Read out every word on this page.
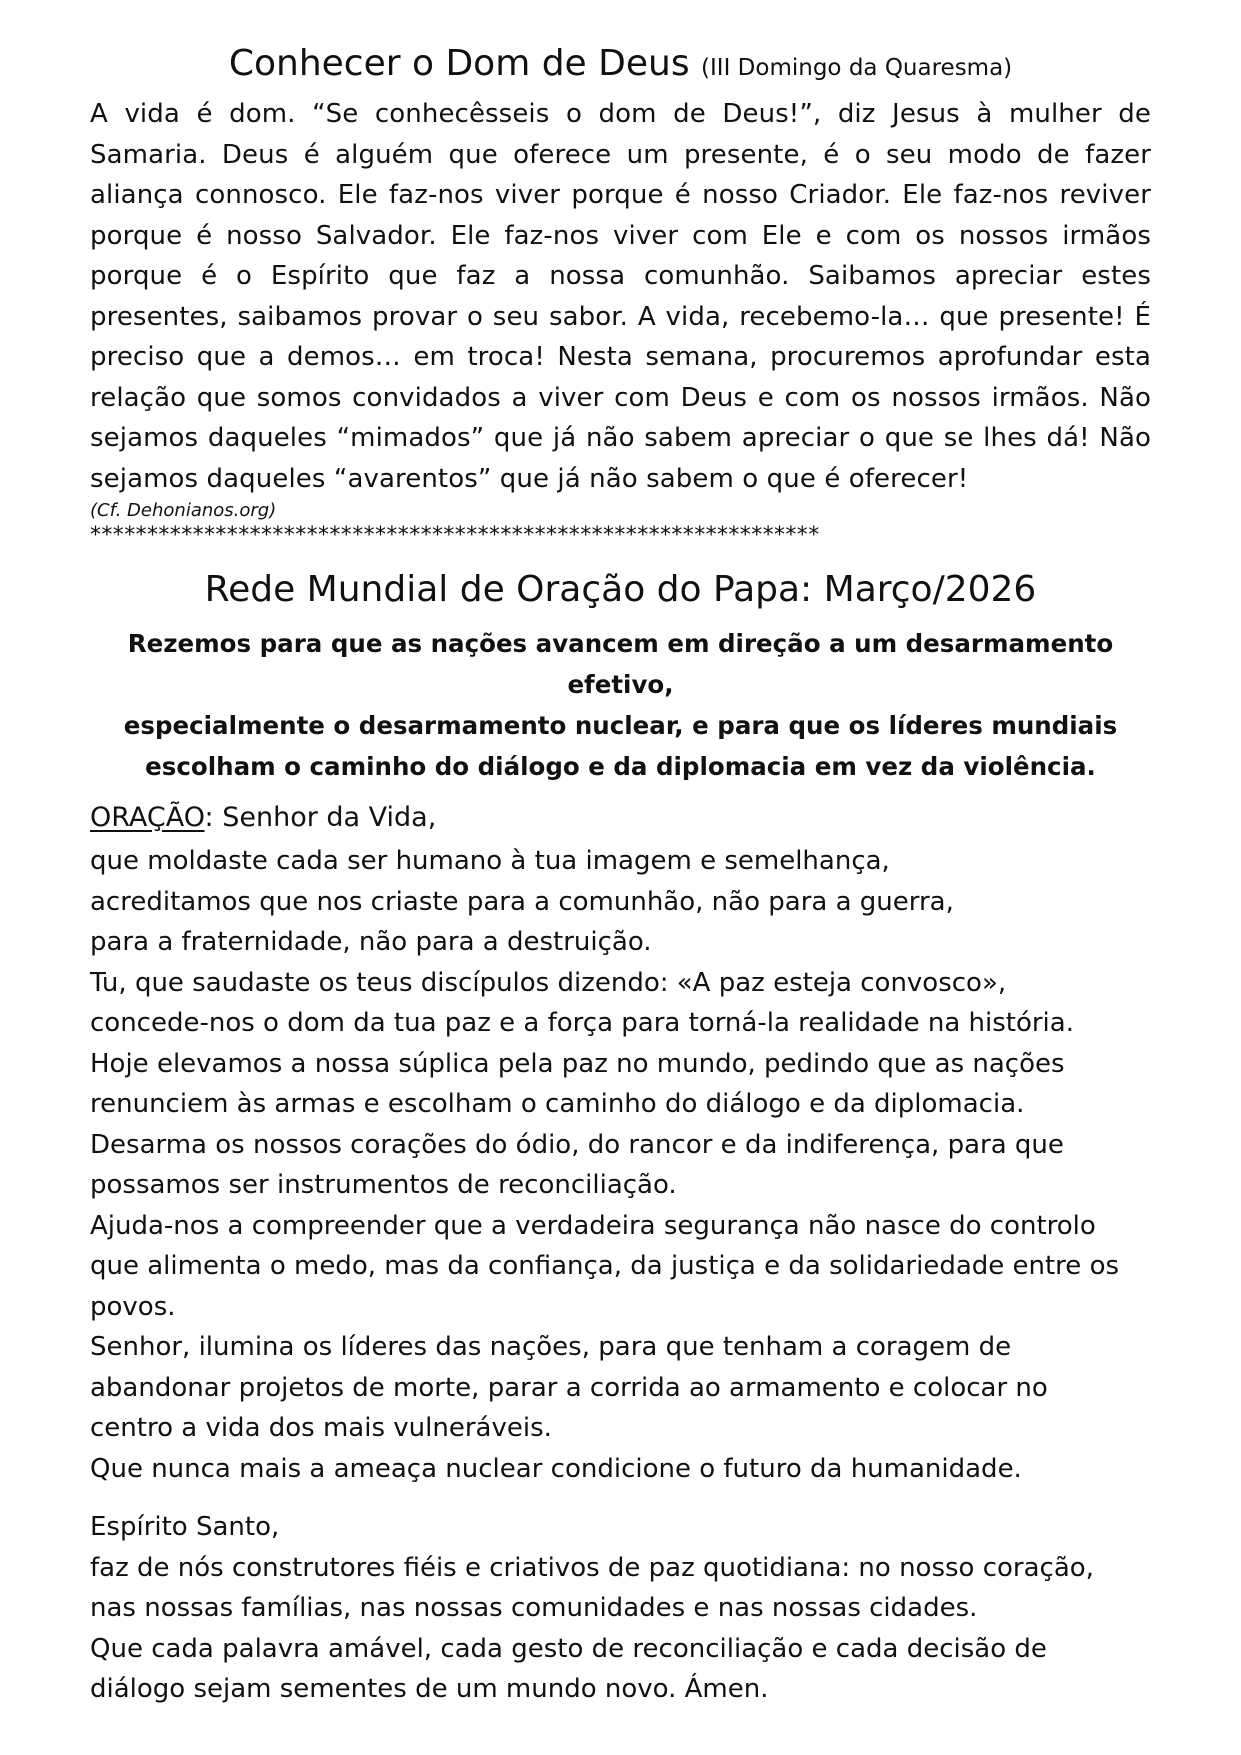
Conhecer o Dom de Deus (III Domingo da Quaresma)

A vida é dom. “Se conhecêsseis o dom de Deus!”, diz Jesus à mulher de Samaria. Deus é alguém que oferece um presente, é o seu modo de fazer aliança connosco. Ele faz-nos viver porque é nosso Criador. Ele faz-nos reviver porque é nosso Salvador. Ele faz-nos viver com Ele e com os nossos irmãos porque é o Espírito que faz a nossa comunhão. Saibamos apreciar estes presentes, saibamos provar o seu sabor. A vida, recebemo-la… que presente! É preciso que a demos… em troca! Nesta semana, procuremos aprofundar esta relação que somos convidados a viver com Deus e com os nossos irmãos. Não sejamos daqueles “mimados” que já não sabem apreciar o que se lhes dá! Não sejamos daqueles “avarentos” que já não sabem o que é oferecer!

(Cf. Dehonianos.org)

****************************************************************

Rede Mundial de Oração do Papa: Março/2026

Rezemos para que as nações avancem em direção a um desarmamento efetivo,

especialmente o desarmamento nuclear, e para que os líderes mundiais

escolham o caminho do diálogo e da diplomacia em vez da violência.

ORAÇÃO: Senhor da Vida,

que moldaste cada ser humano à tua imagem e semelhança,

acreditamos que nos criaste para a comunhão, não para a guerra,

para a fraternidade, não para a destruição.

Tu, que saudaste os teus discípulos dizendo: «A paz esteja convosco»,

concede-nos o dom da tua paz e a força para torná-la realidade na história.

Hoje elevamos a nossa súplica pela paz no mundo, pedindo que as nações

renunciem às armas e escolham o caminho do diálogo e da diplomacia.

Desarma os nossos corações do ódio, do rancor e da indiferença, para que

possamos ser instrumentos de reconciliação.

Ajuda-nos a compreender que a verdadeira segurança não nasce do controlo

que alimenta o medo, mas da confiança, da justiça e da solidariedade entre os

povos.

Senhor, ilumina os líderes das nações, para que tenham a coragem de

abandonar projetos de morte, parar a corrida ao armamento e colocar no

centro a vida dos mais vulneráveis.

Que nunca mais a ameaça nuclear condicione o futuro da humanidade.

Espírito Santo,

faz de nós construtores fiéis e criativos de paz quotidiana: no nosso coração,

nas nossas famílias, nas nossas comunidades e nas nossas cidades.

Que cada palavra amável, cada gesto de reconciliação e cada decisão de

diálogo sejam sementes de um mundo novo. Ámen.
